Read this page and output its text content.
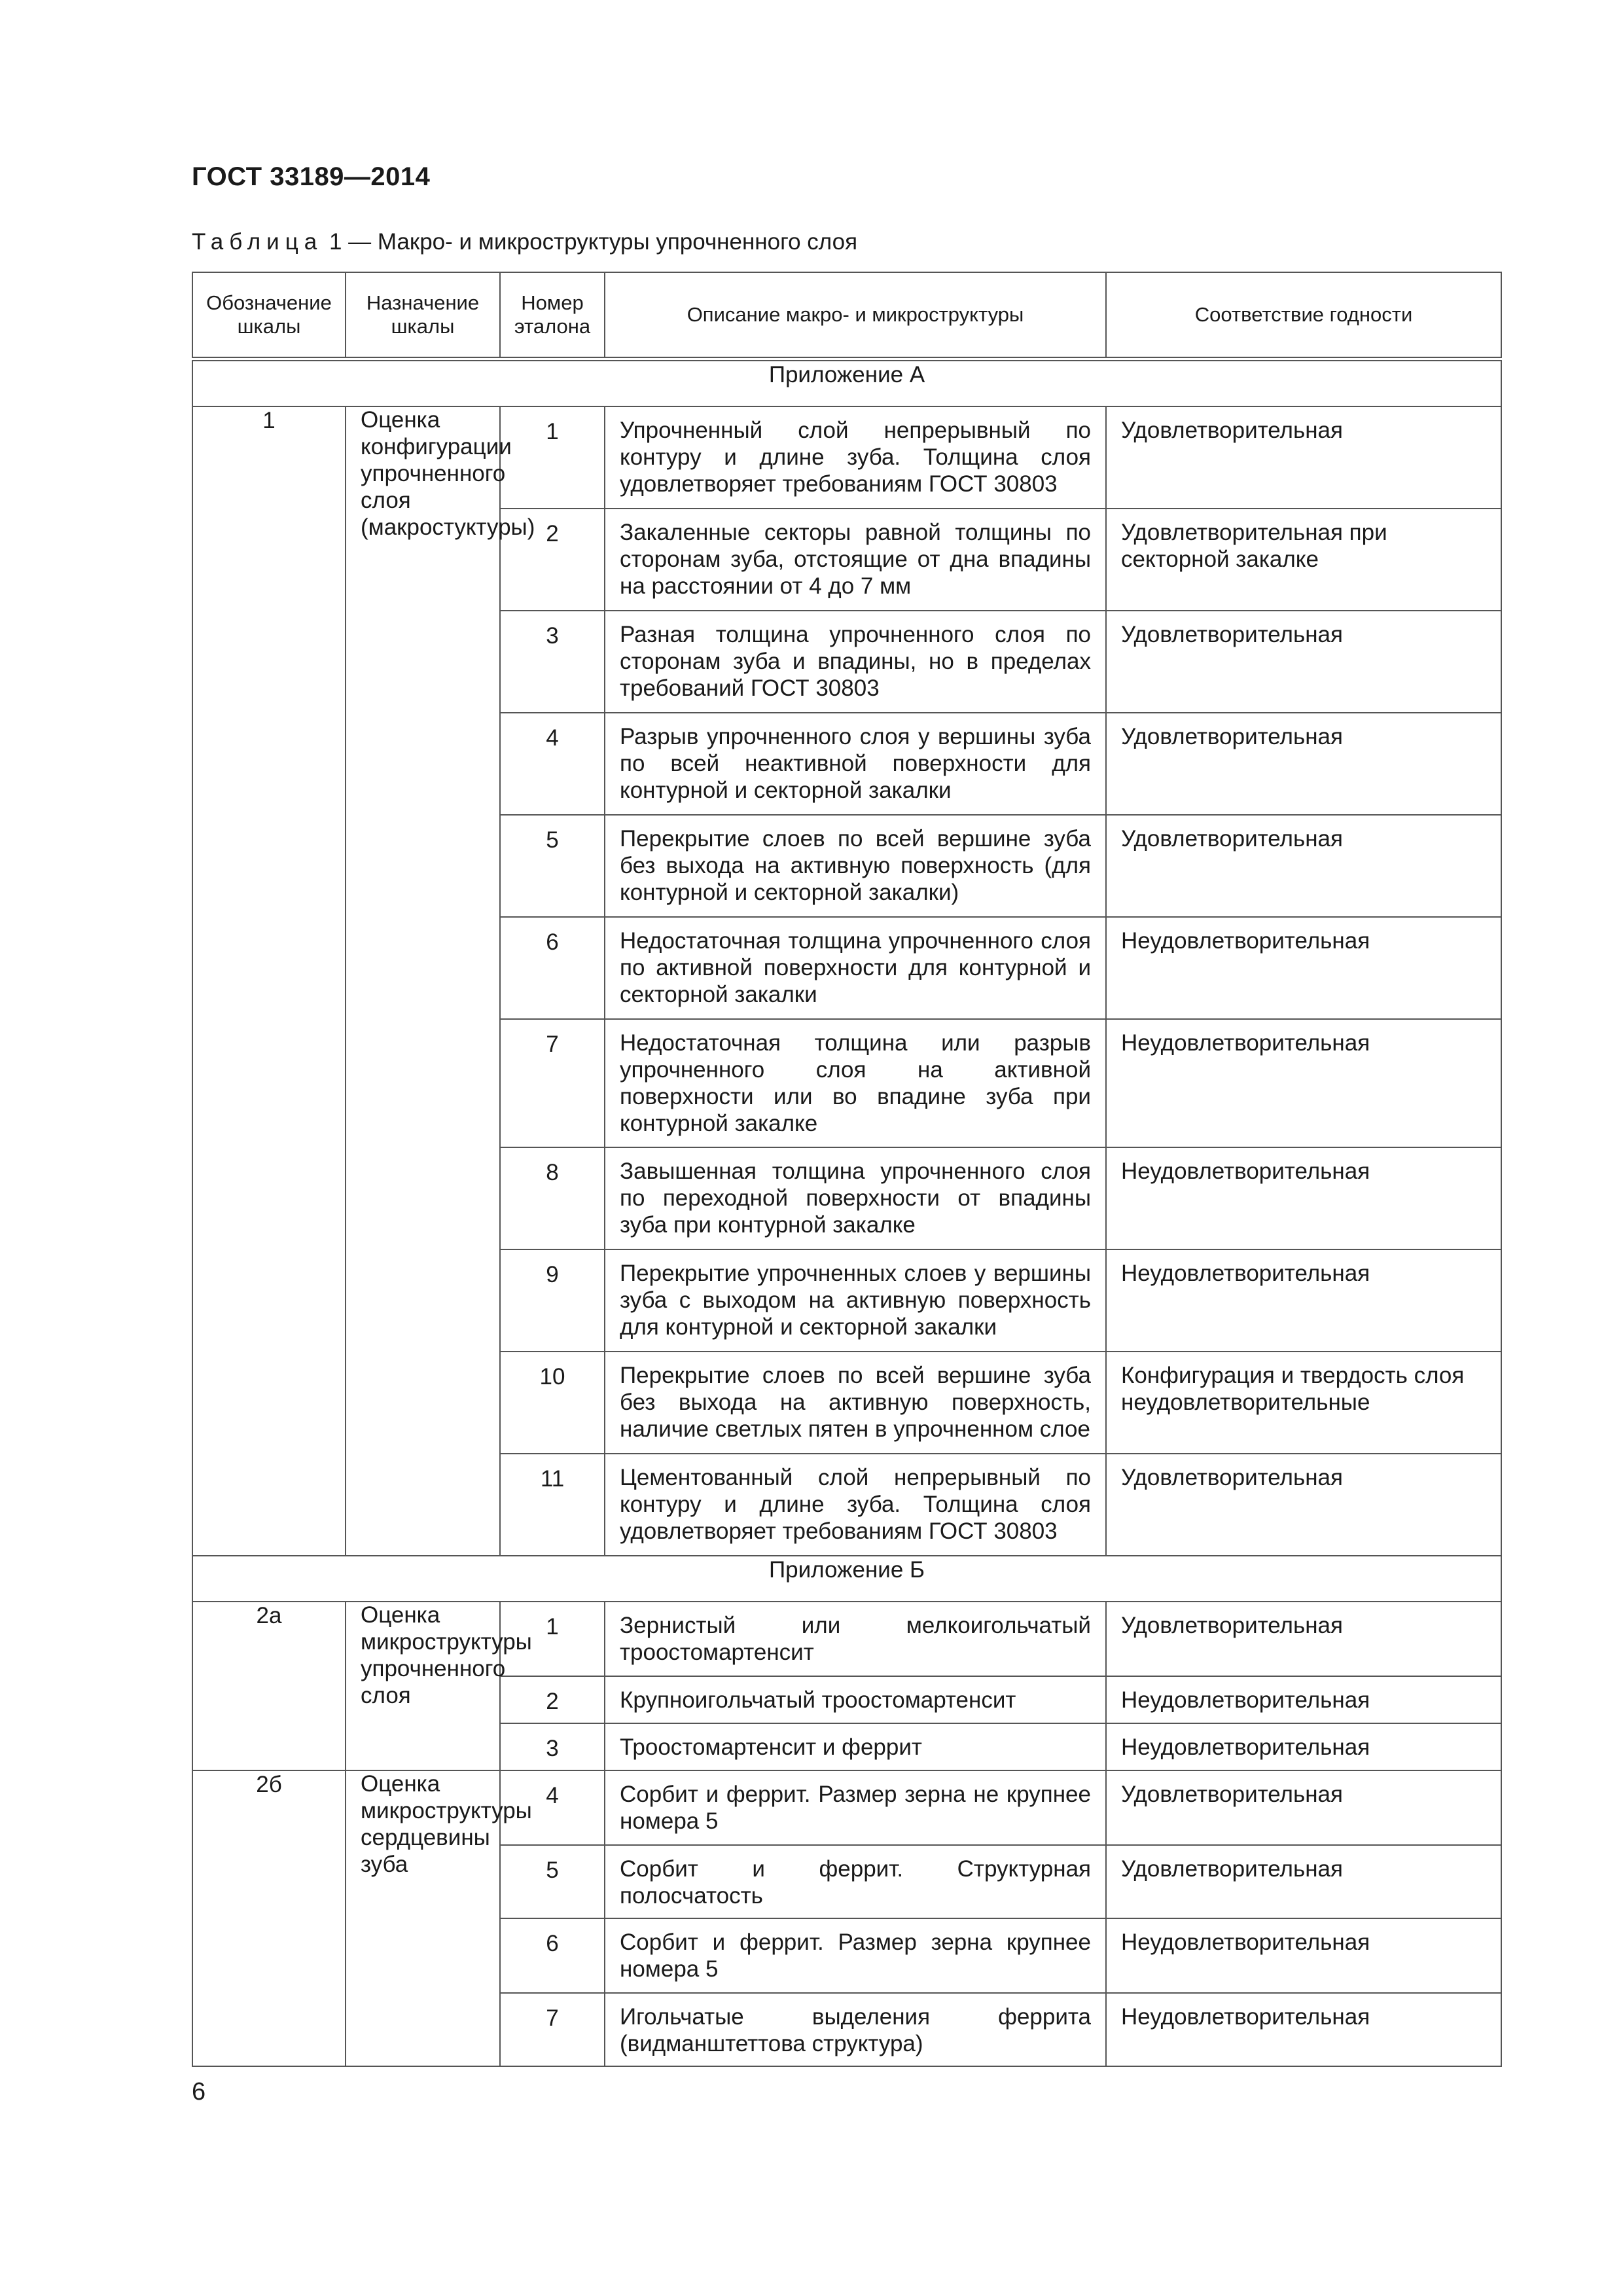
ГОСТ 33189—2014
Таблица 1 — Макро- и микроструктуры упрочненного слоя
Обозначение шкалы	Назначение шкалы	Номер эталона	Описание макро- и микроструктуры	Соответствие годности
Приложение А				
1	Оценка конфигурации упрочненного слоя (макростуктуры)	1	Упрочненный слой непрерывный по контуру и длине зуба. Толщина слоя удовлетворяет требованиям ГОСТ 30803	Удовлетворительная
		2	Закаленные секторы равной толщины по сторонам зуба, отстоящие от дна впадины на расстоянии от 4 до 7 мм	Удовлетворительная при секторной закалке
		3	Разная толщина упрочненного слоя по сторонам зуба и впадины, но в пределах требований ГОСТ 30803	Удовлетворительная
		4	Разрыв упрочненного слоя у вершины зуба по всей неактивной поверхности для контурной и секторной закалки	Удовлетворительная
		5	Перекрытие слоев по всей вершине зуба без выхода на активную поверхность (для контурной и секторной закалки)	Удовлетворительная
		6	Недостаточная толщина упрочненного слоя по активной поверхности для контурной и секторной закалки	Неудовлетворительная
		7	Недостаточная толщина или разрыв упрочненного слоя на активной поверхности или во впадине зуба при контурной закалке	Неудовлетворительная
		8	Завышенная толщина упрочненного слоя по переходной поверхности от впадины зуба при контурной закалке	Неудовлетворительная
		9	Перекрытие упрочненных слоев у вершины зуба с выходом на активную поверхность для контурной и секторной закалки	Неудовлетворительная
		10	Перекрытие слоев по всей вершине зуба без выхода на активную поверхность, наличие светлых пятен в упрочненном слое	Конфигурация и твердость слоя неудовлетворительные
		11	Цементованный слой непрерывный по контуру и длине зуба. Толщина слоя удовлетворяет требованиям ГОСТ 30803	Удовлетворительная
Приложение Б				
2а	Оценка микроструктуры упрочненного слоя	1	Зернистый или мелкоигольчатый троостомартенсит	Удовлетворительная
		2	Крупноигольчатый троостомартенсит	Неудовлетворительная
		3	Троостомартенсит и феррит	Неудовлетворительная
2б	Оценка микроструктуры сердцевины зуба	4	Сорбит и феррит. Размер зерна не крупнее номера 5	Удовлетворительная
		5	Сорбит и феррит. Структурная полосчатость	Удовлетворительная
		6	Сорбит и феррит. Размер зерна крупнее номера 5	Неудовлетворительная
		7	Игольчатые выделения феррита (видманштеттова структура)	Неудовлетворительная
6
